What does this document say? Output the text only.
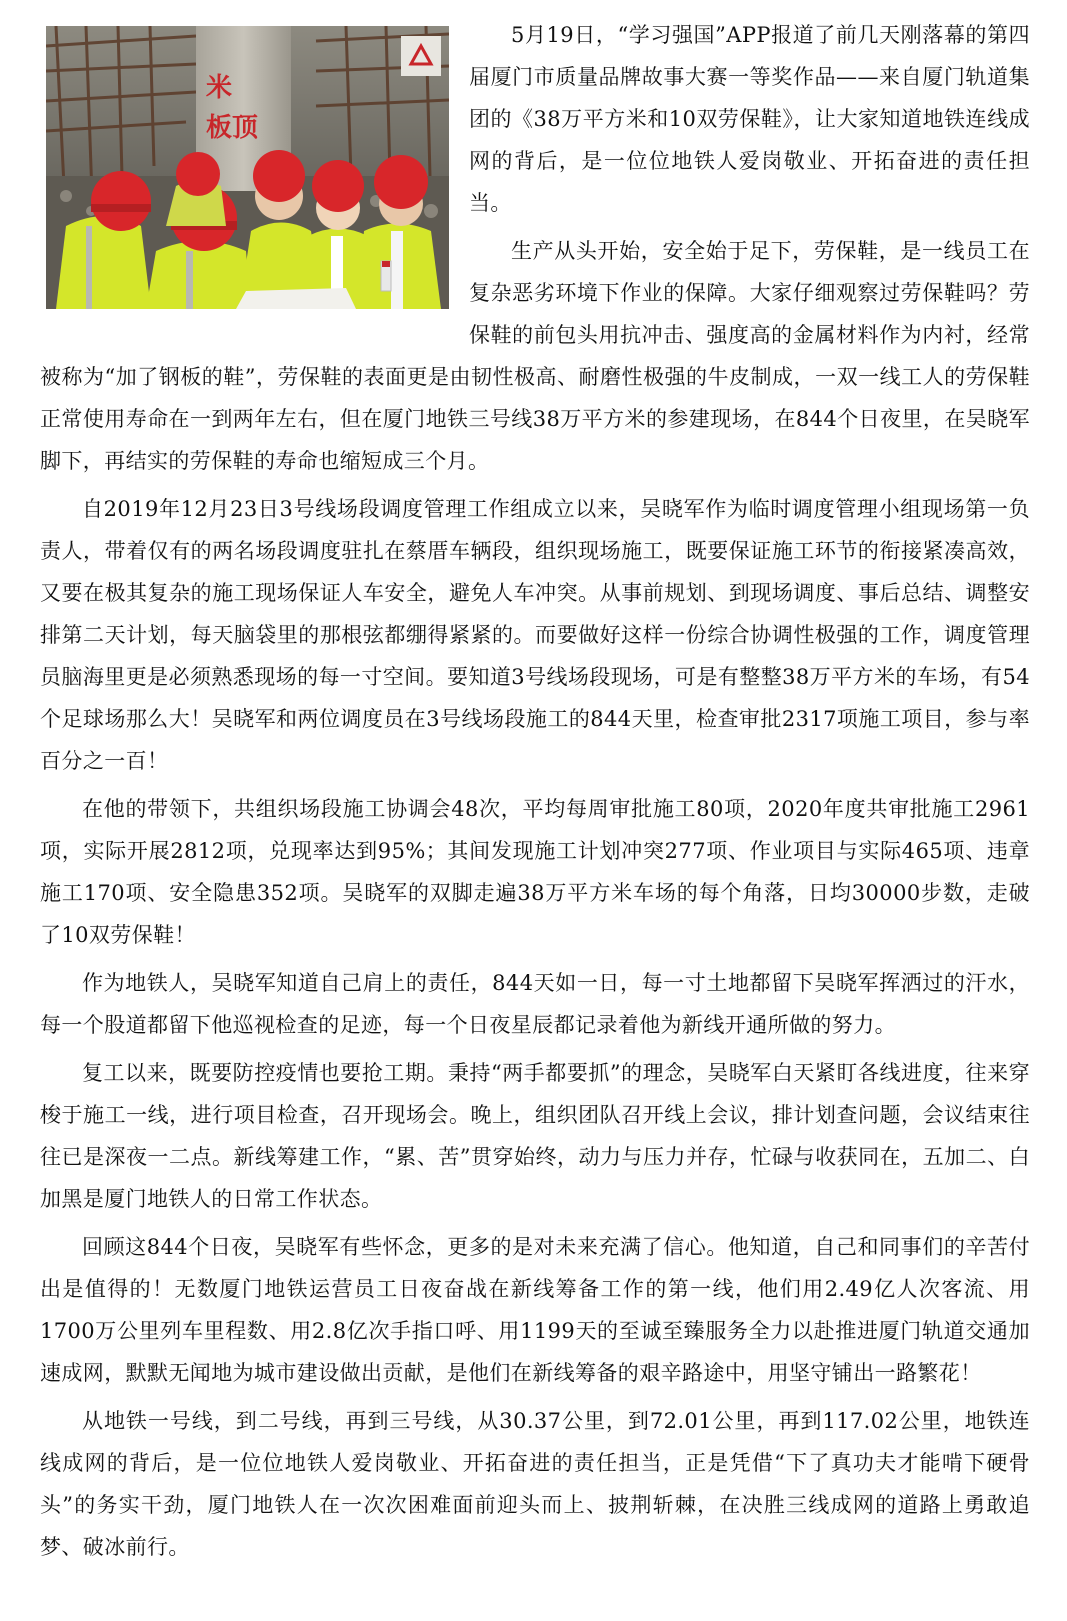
米
板顶

5月19日，“学习强国”APP报道了前几天刚落幕的第四届厦门市质量品牌故事大赛一等奖作品——来自厦门轨道集团的《38万平方米和10双劳保鞋》，让大家知道地铁连线成网的背后，是一位位地铁人爱岗敬业、开拓奋进的责任担当。

生产从头开始，安全始于足下，劳保鞋，是一线员工在复杂恶劣环境下作业的保障。大家仔细观察过劳保鞋吗？劳保鞋的前包头用抗冲击、强度高的金属材料作为内衬，经常被称为“加了钢板的鞋”，劳保鞋的表面更是由韧性极高、耐磨性极强的牛皮制成，一双一线工人的劳保鞋正常使用寿命在一到两年左右，但在厦门地铁三号线38万平方米的参建现场，在844个日夜里，在吴晓军脚下，再结实的劳保鞋的寿命也缩短成三个月。

自2019年12月23日3号线场段调度管理工作组成立以来，吴晓军作为临时调度管理小组现场第一负责人，带着仅有的两名场段调度驻扎在蔡厝车辆段，组织现场施工，既要保证施工环节的衔接紧凑高效，又要在极其复杂的施工现场保证人车安全，避免人车冲突。从事前规划、到现场调度、事后总结、调整安排第二天计划，每天脑袋里的那根弦都绷得紧紧的。而要做好这样一份综合协调性极强的工作，调度管理员脑海里更是必须熟悉现场的每一寸空间。要知道3号线场段现场，可是有整整38万平方米的车场，有54个足球场那么大！吴晓军和两位调度员在3号线场段施工的844天里，检查审批2317项施工项目，参与率百分之一百！

在他的带领下，共组织场段施工协调会48次，平均每周审批施工80项，2020年度共审批施工2961项，实际开展2812项，兑现率达到95%；其间发现施工计划冲突277项、作业项目与实际465项、违章施工170项、安全隐患352项。吴晓军的双脚走遍38万平方米车场的每个角落，日均30000步数，走破了10双劳保鞋！

作为地铁人，吴晓军知道自己肩上的责任，844天如一日，每一寸土地都留下吴晓军挥洒过的汗水，每一个股道都留下他巡视检查的足迹，每一个日夜星辰都记录着他为新线开通所做的努力。

复工以来，既要防控疫情也要抢工期。秉持“两手都要抓”的理念，吴晓军白天紧盯各线进度，往来穿梭于施工一线，进行项目检查，召开现场会。晚上，组织团队召开线上会议，排计划查问题，会议结束往往已是深夜一二点。新线筹建工作，“累、苦”贯穿始终，动力与压力并存，忙碌与收获同在，五加二、白加黑是厦门地铁人的日常工作状态。

回顾这844个日夜，吴晓军有些怀念，更多的是对未来充满了信心。他知道，自己和同事们的辛苦付出是值得的！无数厦门地铁运营员工日夜奋战在新线筹备工作的第一线，他们用2.49亿人次客流、用1700万公里列车里程数、用2.8亿次手指口呼、用1199天的至诚至臻服务全力以赴推进厦门轨道交通加速成网，默默无闻地为城市建设做出贡献，是他们在新线筹备的艰辛路途中，用坚守铺出一路繁花！

从地铁一号线，到二号线，再到三号线，从30.37公里，到72.01公里，再到117.02公里，地铁连线成网的背后，是一位位地铁人爱岗敬业、开拓奋进的责任担当，正是凭借“下了真功夫才能啃下硬骨头”的务实干劲，厦门地铁人在一次次困难面前迎头而上、披荆斩棘，在决胜三线成网的道路上勇敢追梦、破冰前行。
